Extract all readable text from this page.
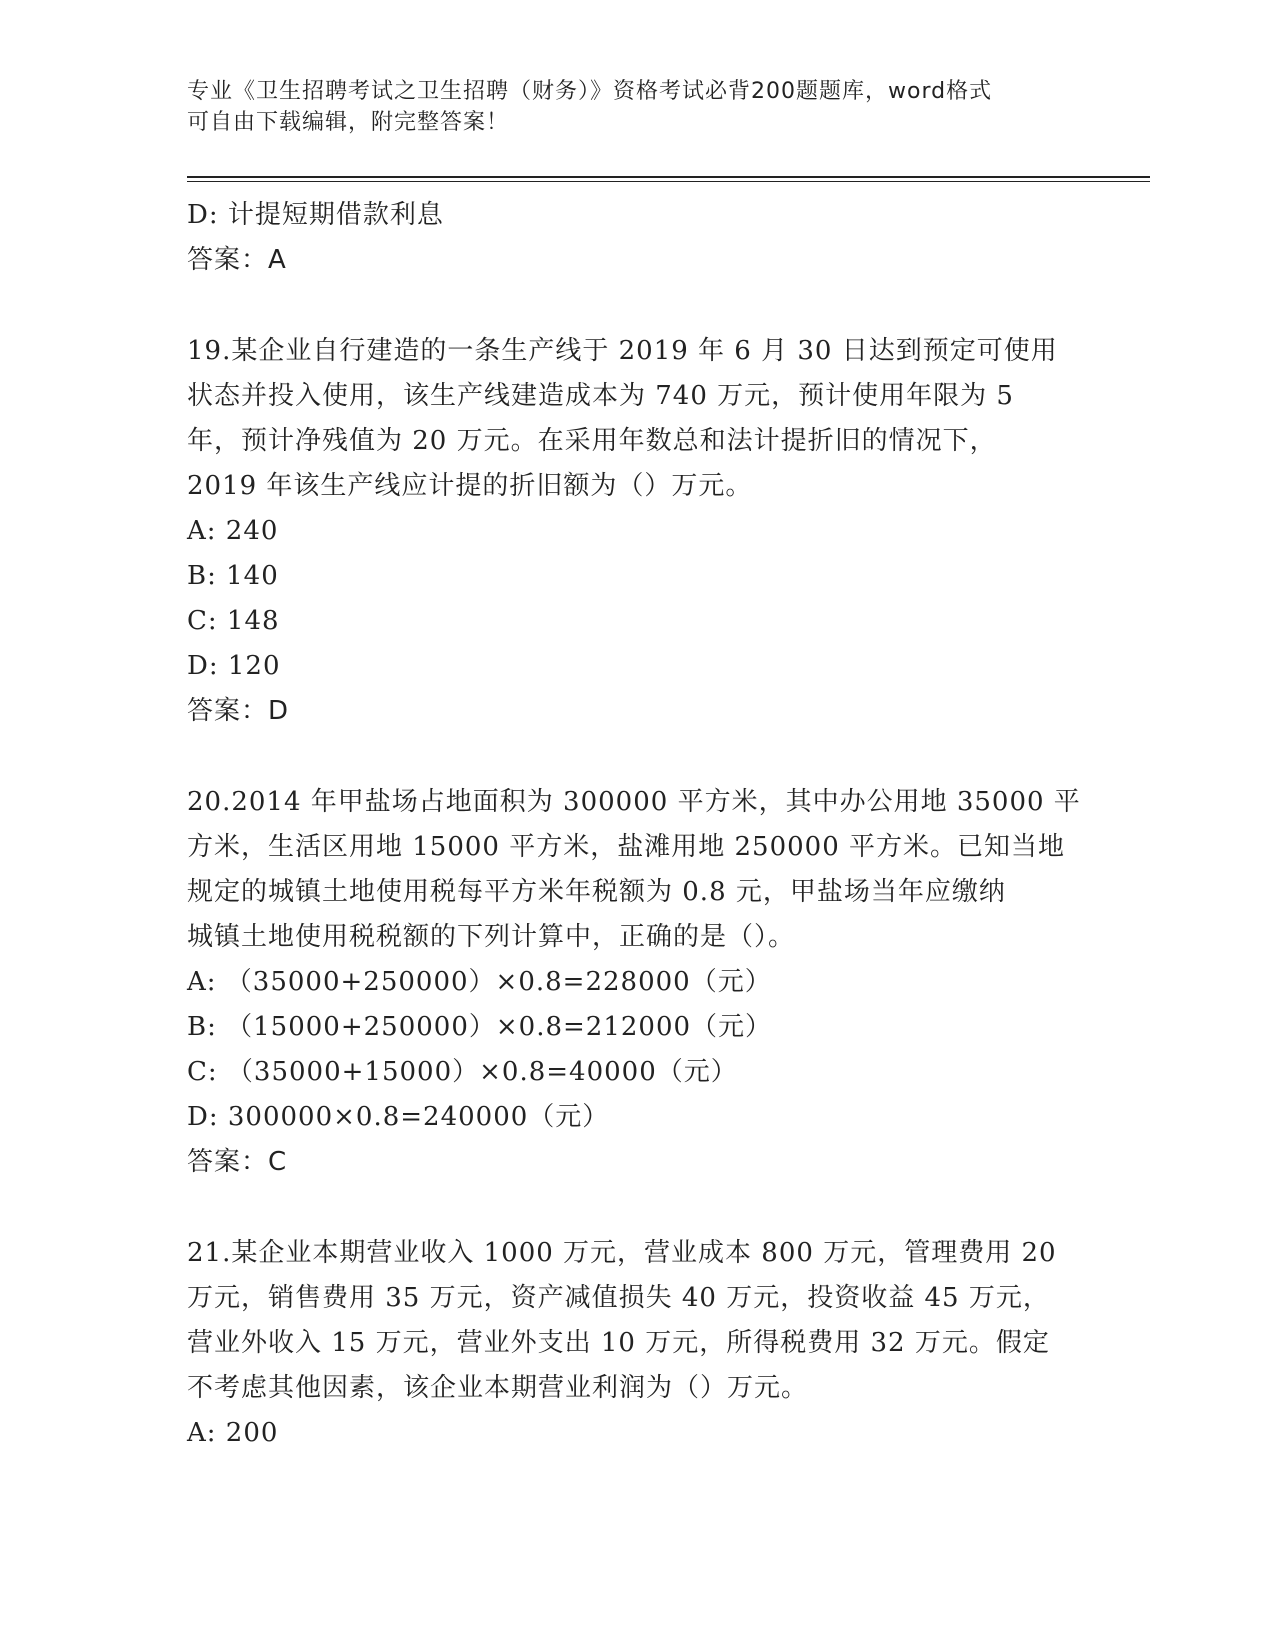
专业《卫生招聘考试之卫生招聘（财务）》资格考试必背200题题库，word格式
可自由下载编辑，附完整答案！
D: 计提短期借款利息
答案：A
19.某企业自行建造的一条生产线于 2019 年 6 月 30 日达到预定可使用
状态并投入使用，该生产线建造成本为 740 万元，预计使用年限为 5
年，预计净残值为 20 万元。在采用年数总和法计提折旧的情况下，
2019 年该生产线应计提的折旧额为（）万元。
A: 240
B: 140
C: 148
D: 120
答案：D
20.2014 年甲盐场占地面积为 300000 平方米，其中办公用地 35000 平
方米，生活区用地 15000 平方米，盐滩用地 250000 平方米。已知当地
规定的城镇土地使用税每平方米年税额为 0.8 元，甲盐场当年应缴纳
城镇土地使用税税额的下列计算中，正确的是（）。
A: （35000+250000）×0.8=228000（元）
B: （15000+250000）×0.8=212000（元）
C: （35000+15000）×0.8=40000（元）
D: 300000×0.8=240000（元）
答案：C
21.某企业本期营业收入 1000 万元，营业成本 800 万元，管理费用 20
万元，销售费用 35 万元，资产减值损失 40 万元，投资收益 45 万元，
营业外收入 15 万元，营业外支出 10 万元，所得税费用 32 万元。假定
不考虑其他因素，该企业本期营业利润为（）万元。
A: 200
